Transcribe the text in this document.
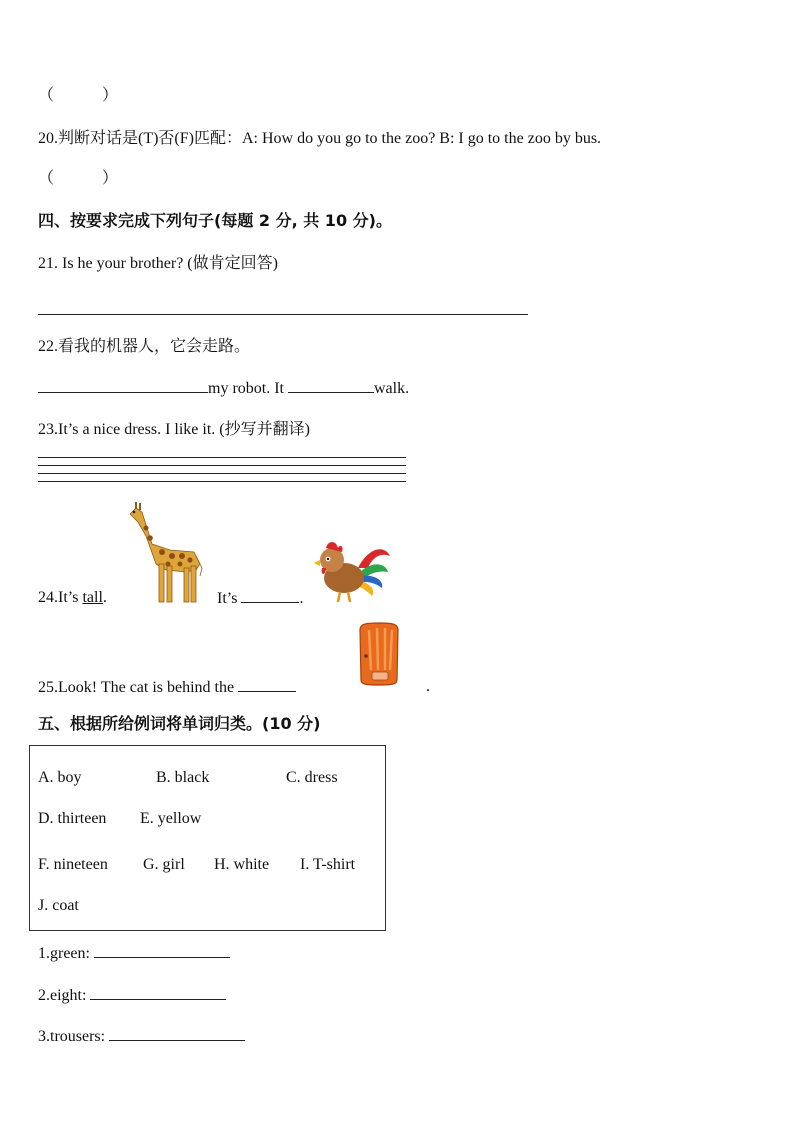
（　　　）
20.判断对话是(T)否(F)匹配：A: How do you go to the zoo? B: I go to the zoo by bus.
（　　　）
四、按要求完成下列句子(每题 2 分, 共 10 分)。
21. Is he your brother? (做肯定回答)
22.看我的机器人，它会走路。
my robot. It	walk.
23.It’s a nice dress. I like it. (抄写并翻译)
24.It’s tall.	It’s	.
25.Look! The cat is behind the	.
五、根据所给例词将单词归类。(10 分)
A. boy	B. black	C. dress
D. thirteen E. yellow
F. nineteen G. girl H. white I. T-shirt
J. coat
1.green:
2.eight:
3.trousers:
